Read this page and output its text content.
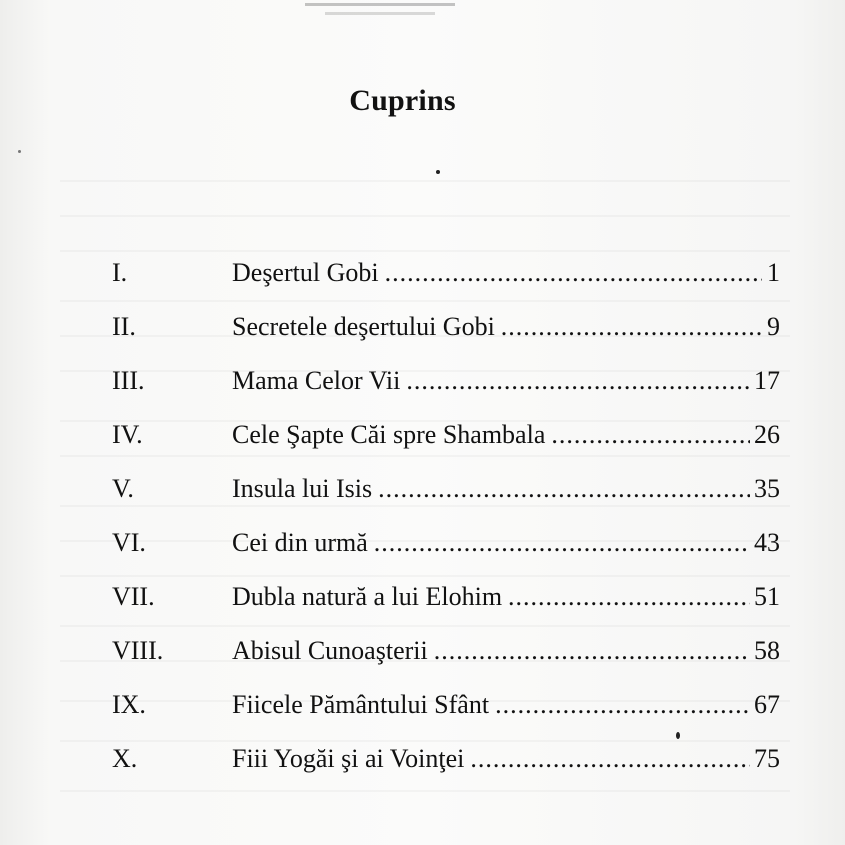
Cuprins
I.	Deşertul Gobi .....	1
II.	Secretele deşertului Gobi .....	9
III.	Mama Celor Vii .....	17
IV.	Cele Şapte Căi spre Shambala .....	26
V.	Insula lui Isis .....	35
VI.	Cei din urmă .....	43
VII.	Dubla natură a lui Elohim .....	51
VIII.	Abisul Cunoaşterii .....	58
IX.	Fiicele Pământului Sfânt .....	67
X.	Fiii Yogăi şi ai Voinţei .....	75
